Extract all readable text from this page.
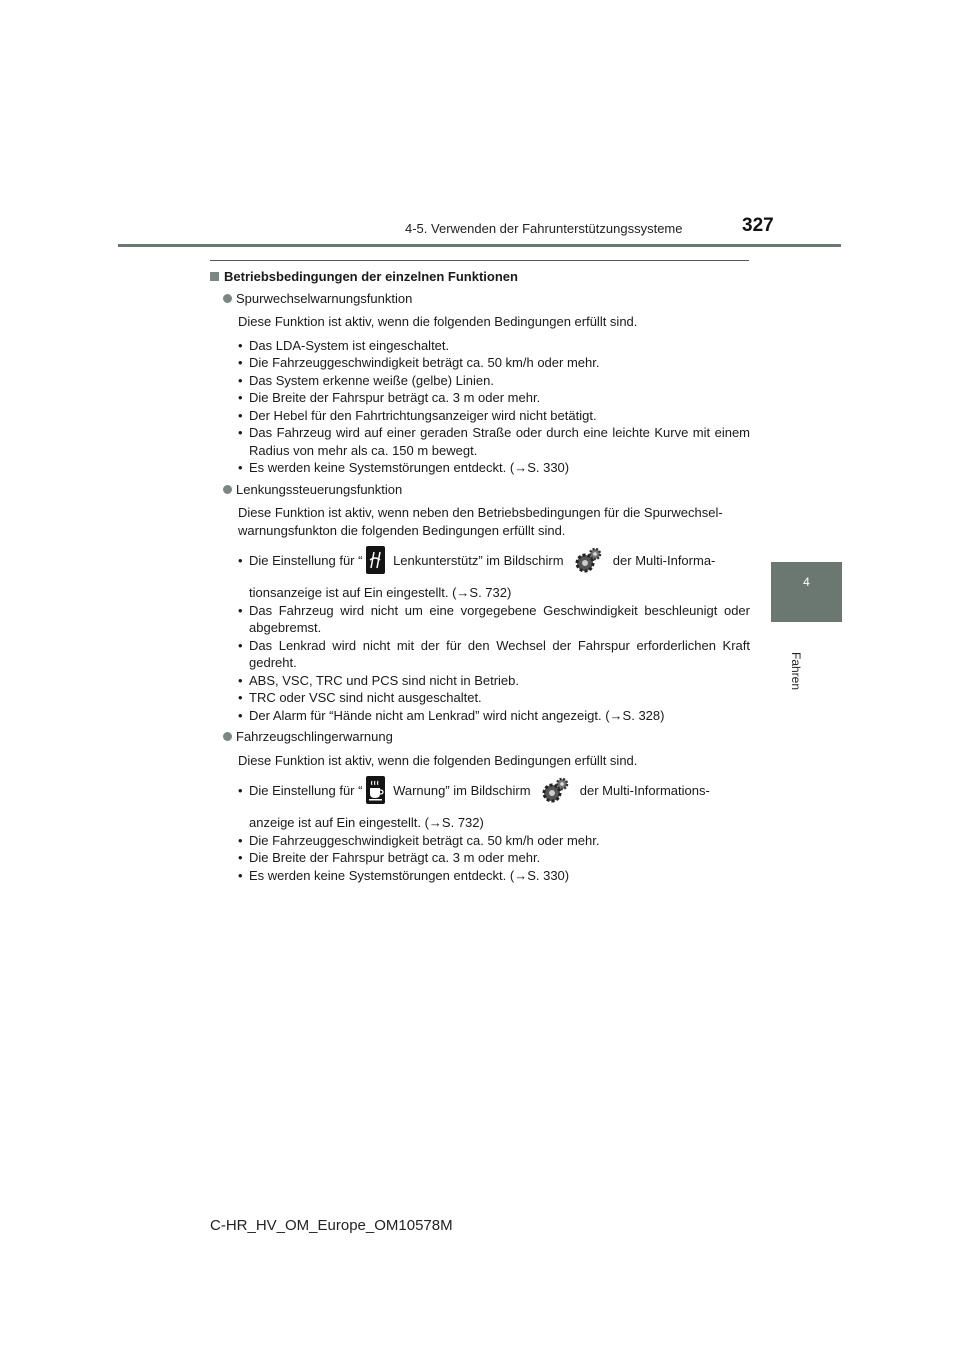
4-5. Verwenden der Fahrunterstützungssysteme	327
4
Fahren
Betriebsbedingungen der einzelnen Funktionen
Spurwechselwarnungsfunktion
Diese Funktion ist aktiv, wenn die folgenden Bedingungen erfüllt sind.
• Das LDA-System ist eingeschaltet.
• Die Fahrzeuggeschwindigkeit beträgt ca. 50 km/h oder mehr.
• Das System erkenne weiße (gelbe) Linien.
• Die Breite der Fahrspur beträgt ca. 3 m oder mehr.
• Der Hebel für den Fahrtrichtungsanzeiger wird nicht betätigt.
• Das Fahrzeug wird auf einer geraden Straße oder durch eine leichte Kurve mit einem Radius von mehr als ca. 150 m bewegt.
• Es werden keine Systemstörungen entdeckt. (→S. 330)
Lenkungssteuerungsfunktion
Diese Funktion ist aktiv, wenn neben den Betriebsbedingungen für die Spurwechsel-warnungsfunkton die folgenden Bedingungen erfüllt sind.
• Die Einstellung für “ Lenkunterstütz” im Bildschirm	der Multi-Informa-
tionsanzeige ist auf Ein eingestellt. (→S. 732)
• Das Fahrzeug wird nicht um eine vorgegebene Geschwindigkeit beschleunigt oder abgebremst.
• Das Lenkrad wird nicht mit der für den Wechsel der Fahrspur erforderlichen Kraft gedreht.
• ABS, VSC, TRC und PCS sind nicht in Betrieb.
• TRC oder VSC sind nicht ausgeschaltet.
• Der Alarm für “Hände nicht am Lenkrad” wird nicht angezeigt. (→S. 328)
Fahrzeugschlingerwarnung
Diese Funktion ist aktiv, wenn die folgenden Bedingungen erfüllt sind.
• Die Einstellung für “ Warnung” im Bildschirm	der Multi-Informations-
anzeige ist auf Ein eingestellt. (→S. 732)
• Die Fahrzeuggeschwindigkeit beträgt ca. 50 km/h oder mehr.
• Die Breite der Fahrspur beträgt ca. 3 m oder mehr.
• Es werden keine Systemstörungen entdeckt. (→S. 330)
C-HR_HV_OM_Europe_OM10578M
